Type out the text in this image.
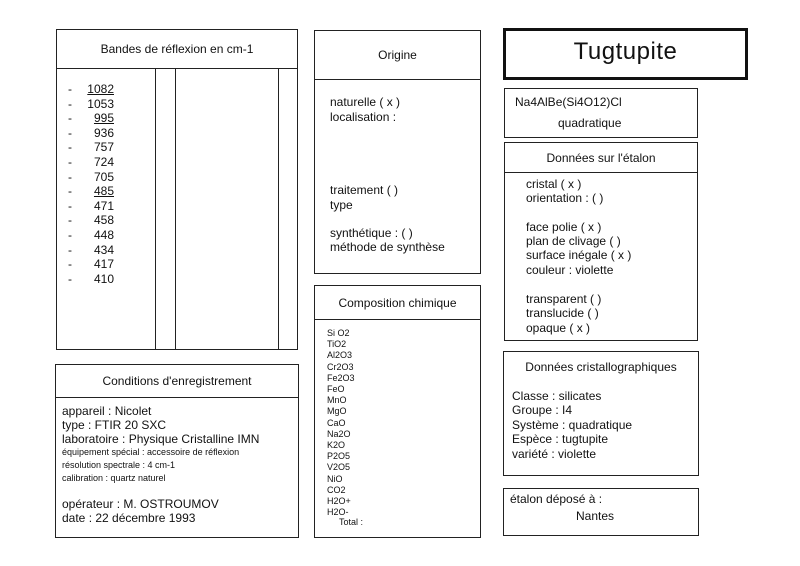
Bandes de réflexion en cm-1
- 1082
- 1053
- 995
- 936
- 757
- 724
- 705
- 485
- 471
- 458
- 448
- 434
- 417
- 410
Origine
naturelle ( x )
localisation :
traitement ( )
type
synthétique : ( )
méthode de synthèse
Composition chimique
Si O2
TiO2
Al2O3
Cr2O3
Fe2O3
FeO
MnO
MgO
CaO
Na2O
K2O
P2O5
V2O5
NiO
CO2
H2O+
H2O-
Total :
Conditions d'enregistrement
appareil : Nicolet
type : FTIR 20 SXC
laboratoire : Physique Cristalline IMN
équipement spécial : accessoire de réflexion
résolution spectrale : 4 cm-1
calibration : quartz naturel
opérateur : M. OSTROUMOV
date : 22 décembre 1993
Tugtupite
Na4AlBe(Si4O12)Cl
quadratique
Données sur l'étalon
cristal ( x )
orientation : ( )
face polie ( x )
plan de clivage ( )
surface inégale ( x )
couleur : violette
transparent ( )
translucide ( )
opaque ( x )
Données cristallographiques
Classe : silicates
Groupe : I4
Système : quadratique
Espèce : tugtupite
variété : violette
étalon déposé à :
Nantes
